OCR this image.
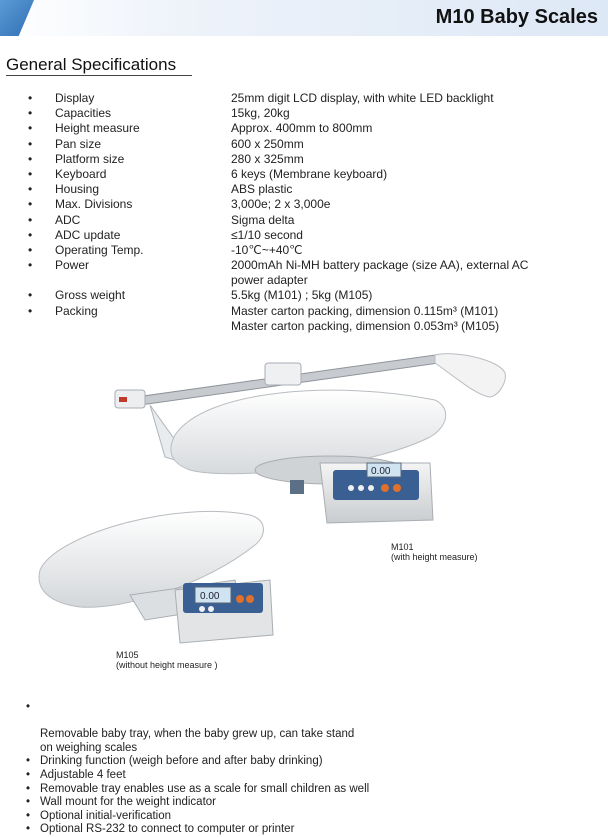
M10 Baby Scales
General Specifications
• Display	25mm digit LCD display, with white LED backlight
• Capacities	15kg, 20kg
• Height measure	Approx. 400mm to 800mm
• Pan size	600 x 250mm
• Platform size	280 x 325mm
• Keyboard	6 keys (Membrane keyboard)
• Housing	ABS plastic
• Max. Divisions	3,000e; 2 x 3,000e
• ADC	Sigma delta
• ADC update	≤1/10 second
• Operating Temp.	-10℃~+40℃
• Power	2000mAh Ni-MH battery package (size AA), external AC
power adapter
• Gross weight	5.5kg (M101) ; 5kg (M105)
• Packing	Master carton packing, dimension 0.115m³ (M101)
Master carton packing, dimension 0.053m³ (M105)
0.00
M101
(with height measure)
0.00
M105
(without height measure )

•

Removable baby tray, when the baby grew up, can take stand
on weighing scales

• Drinking function (weigh before and after baby drinking)
• Adjustable 4 feet
• Removable tray enables use as a scale for small children as well
• Wall mount for the weight indicator
• Optional initial-verification
• Optional RS-232 to connect to computer or printer
